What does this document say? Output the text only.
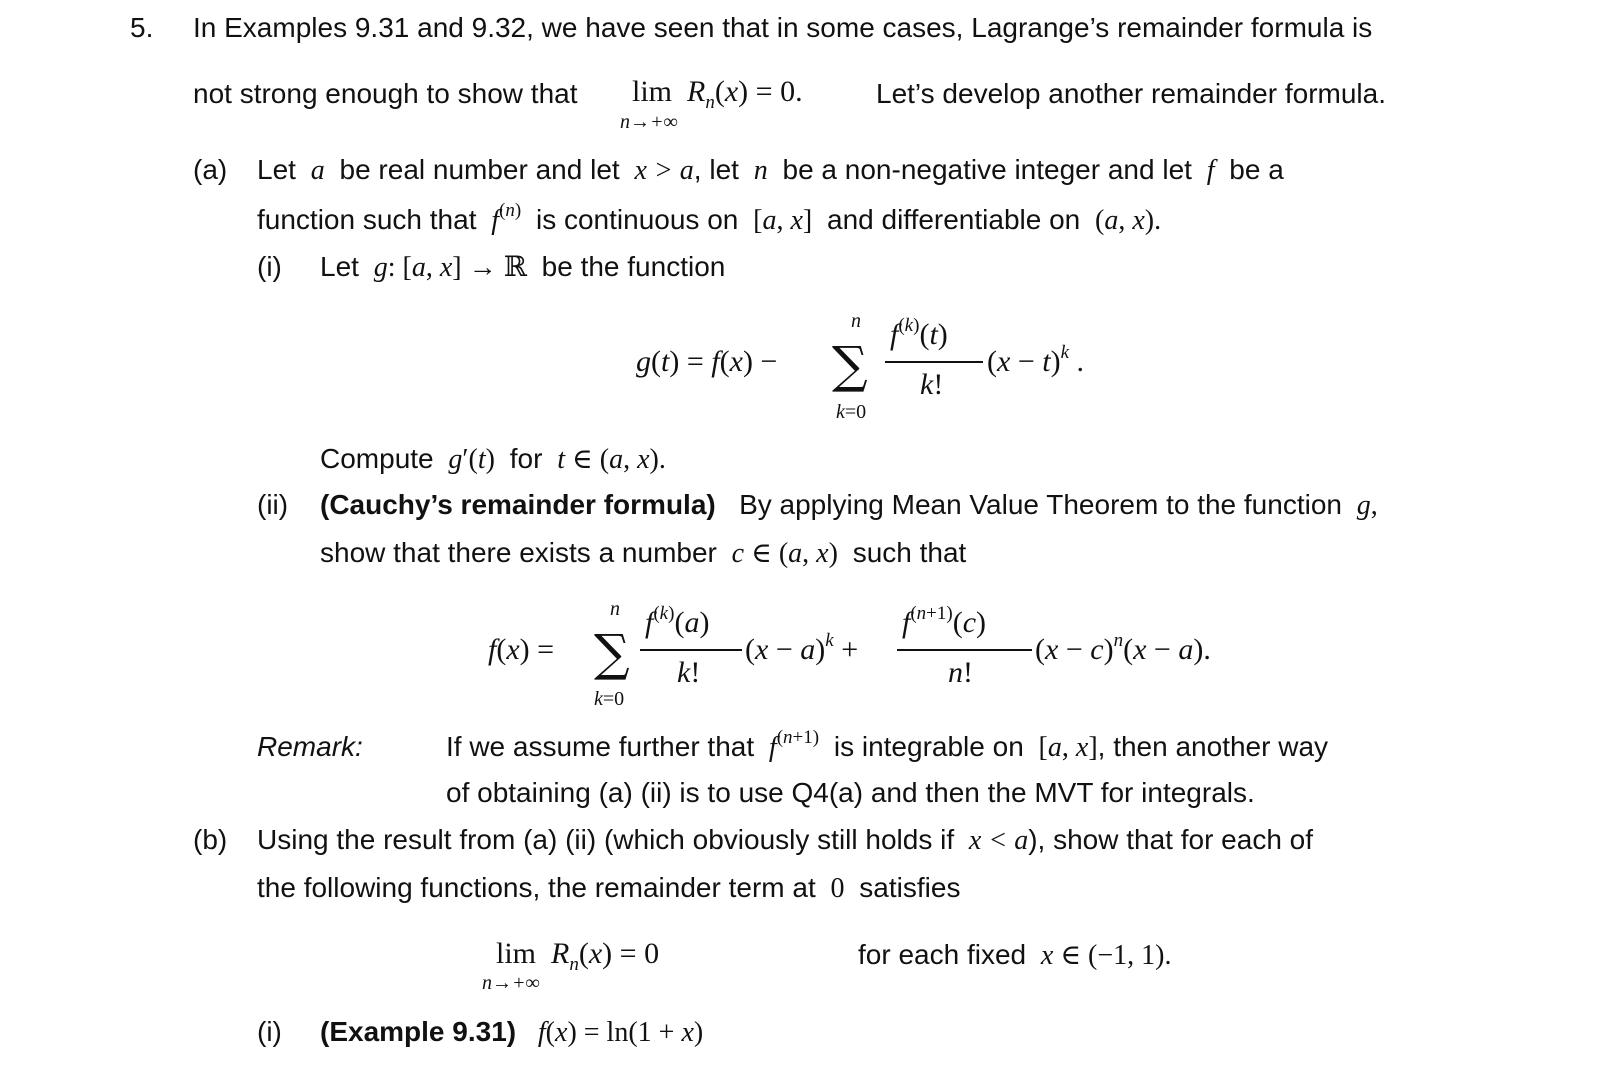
5. In Examples 9.31 and 9.32, we have seen that in some cases, Lagrange’s remainder formula is
not strong enough to show that $\lim R_n(x) = 0$.
n→+∞
Let’s develop another remainder formula.
(a) Let  a  be real number and let  x > a, let  n  be a non-negative integer and let  f  be a
function such that  $f^{(n)}$ is continuous on  [a, x]  and differentiable on  (a, x).
(i) Let g: [a, x] → ℝ  be the function
g(t) = f(x) −
n
∑
k=0
$f^{(k)}(t)$
k!
$(x - t)^k$ .
Compute g′(t)  for t ∈ (a, x).
(ii) (Cauchy’s remainder formula) By applying Mean Value Theorem to the function  g,
show that there exists a number c ∈ (a, x)  such that
f(x) =
n
∑
k=0
$f^{(k)}(a)$
k!
$(x - a)^k$ +
$f^{(n+1)}(c)$
n!
$(x - c)^n(x - a)$.
Remark:	If we assume further that  $f^{(n+1)}$ is integrable on  [a, x], then another way
of obtaining (a) (ii) is to use Q4(a) and then the MVT for integrals.
(b) Using the result from (a) (ii) (which obviously still holds if  x < a), show that for each of
the following functions, the remainder term at  0  satisfies
$\lim R_n(x) = 0$
n→+∞
for each fixed x ∈ (−1, 1).
(i) (Example 9.31) f(x) = ln(1 + x)
